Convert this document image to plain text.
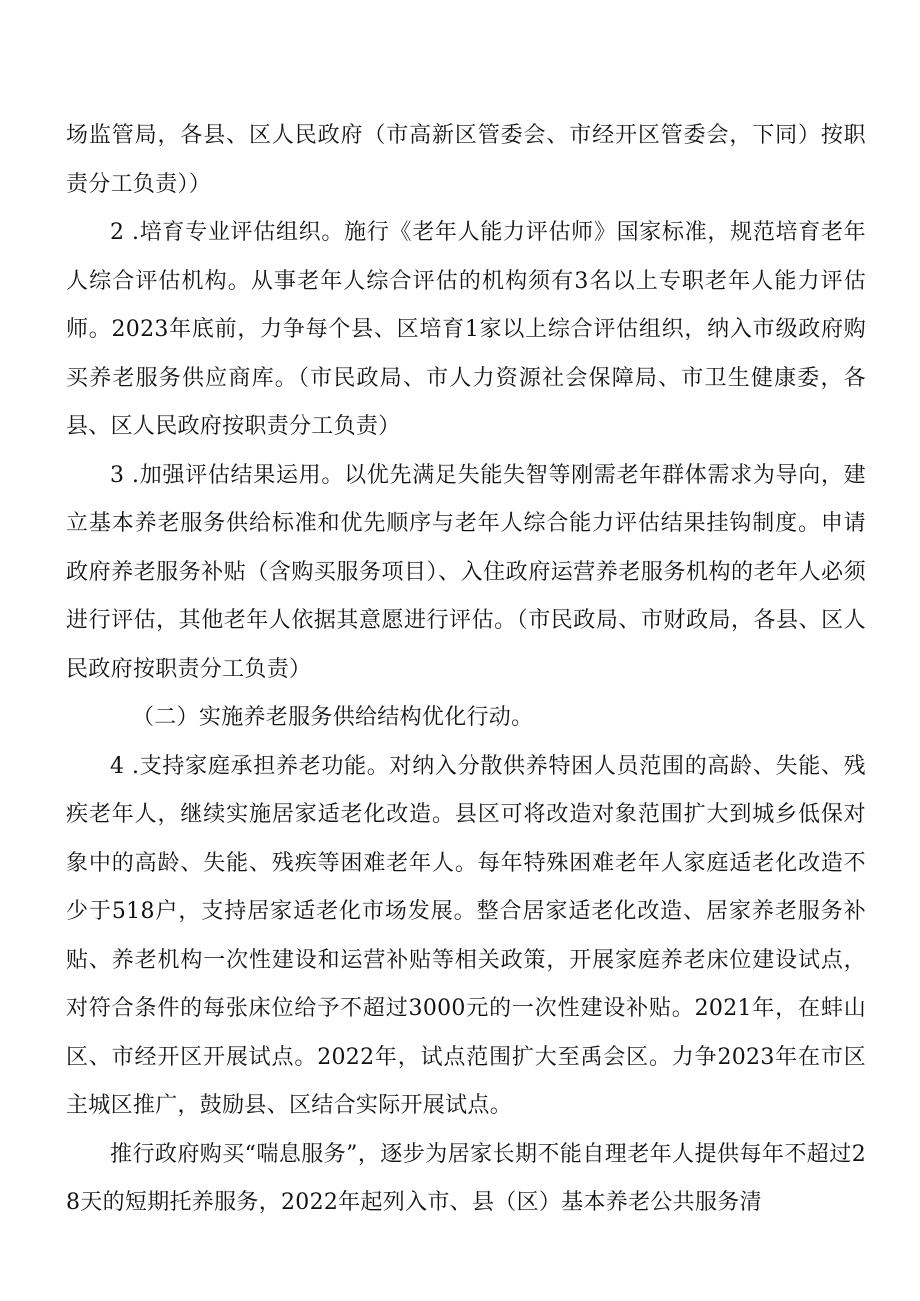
场监管局，各县、区人民政府（市高新区管委会、市经开区管委会，下同）按职责分工负责））

2 .培育专业评估组织。施行《老年人能力评估师》国家标准，规范培育老年人综合评估机构。从事老年人综合评估的机构须有3名以上专职老年人能力评估师。2023年底前，力争每个县、区培育1家以上综合评估组织，纳入市级政府购买养老服务供应商库。（市民政局、市人力资源社会保障局、市卫生健康委，各县、区人民政府按职责分工负责）

3 .加强评估结果运用。以优先满足失能失智等刚需老年群体需求为导向，建立基本养老服务供给标准和优先顺序与老年人综合能力评估结果挂钩制度。申请政府养老服务补贴（含购买服务项目）、入住政府运营养老服务机构的老年人必须进行评估，其他老年人依据其意愿进行评估。（市民政局、市财政局，各县、区人民政府按职责分工负责）

（二）实施养老服务供给结构优化行动。

4 .支持家庭承担养老功能。对纳入分散供养特困人员范围的高龄、失能、残疾老年人，继续实施居家适老化改造。县区可将改造对象范围扩大到城乡低保对象中的高龄、失能、残疾等困难老年人。每年特殊困难老年人家庭适老化改造不少于518户，支持居家适老化市场发展。整合居家适老化改造、居家养老服务补贴、养老机构一次性建设和运营补贴等相关政策，开展家庭养老床位建设试点，对符合条件的每张床位给予不超过3000元的一次性建设补贴。2021年，在蚌山区、市经开区开展试点。2022年，试点范围扩大至禹会区。力争2023年在市区主城区推广，鼓励县、区结合实际开展试点。

推行政府购买“喘息服务”，逐步为居家长期不能自理老年人提供每年不超过28天的短期托养服务，2022年起列入市、县（区）基本养老公共服务清
